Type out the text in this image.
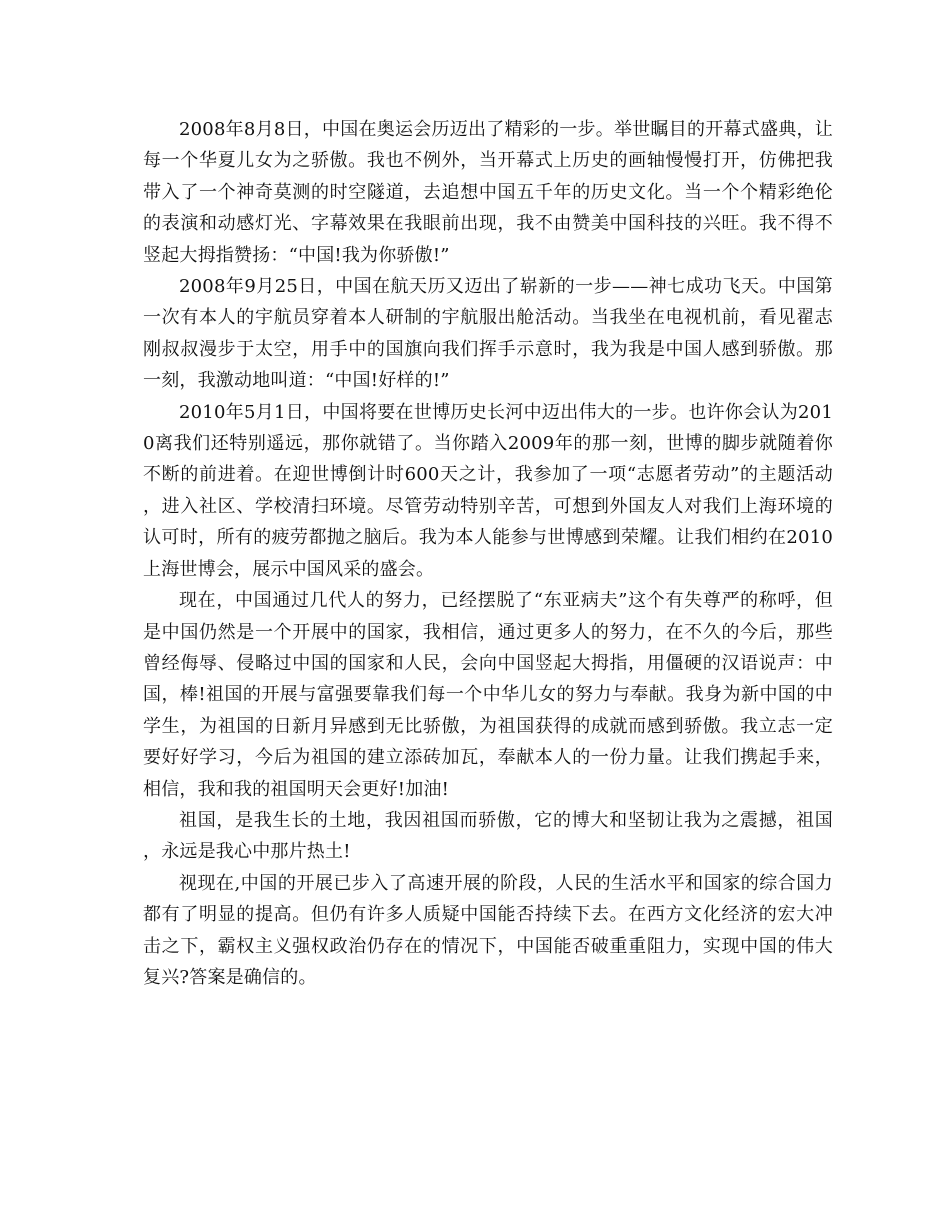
2008年8月8日，中国在奥运会历迈出了精彩的一步。举世瞩目的开幕式盛典，让每一个华夏儿女为之骄傲。我也不例外，当开幕式上历史的画轴慢慢打开，仿佛把我带入了一个神奇莫测的时空隧道，去追想中国五千年的历史文化。当一个个精彩绝伦的表演和动感灯光、字幕效果在我眼前出现，我不由赞美中国科技的兴旺。我不得不竖起大拇指赞扬：“中国!我为你骄傲!”

2008年9月25日，中国在航天历又迈出了崭新的一步——神七成功飞天。中国第一次有本人的宇航员穿着本人研制的宇航服出舱活动。当我坐在电视机前，看见翟志刚叔叔漫步于太空，用手中的国旗向我们挥手示意时，我为我是中国人感到骄傲。那一刻，我激动地叫道：“中国!好样的!”

2010年5月1日，中国将要在世博历史长河中迈出伟大的一步。也许你会认为2010离我们还特别遥远，那你就错了。当你踏入2009年的那一刻，世博的脚步就随着你不断的前进着。在迎世博倒计时600天之计，我参加了一项“志愿者劳动”的主题活动，进入社区、学校清扫环境。尽管劳动特别辛苦，可想到外国友人对我们上海环境的认可时，所有的疲劳都抛之脑后。我为本人能参与世博感到荣耀。让我们相约在2010上海世博会，展示中国风采的盛会。

现在，中国通过几代人的努力，已经摆脱了“东亚病夫”这个有失尊严的称呼，但是中国仍然是一个开展中的国家，我相信，通过更多人的努力，在不久的今后，那些曾经侮辱、侵略过中国的国家和人民，会向中国竖起大拇指，用僵硬的汉语说声：中国，棒!祖国的开展与富强要靠我们每一个中华儿女的努力与奉献。我身为新中国的中学生，为祖国的日新月异感到无比骄傲，为祖国获得的成就而感到骄傲。我立志一定要好好学习，今后为祖国的建立添砖加瓦，奉献本人的一份力量。让我们携起手来，相信，我和我的祖国明天会更好!加油!

祖国，是我生长的土地，我因祖国而骄傲，它的博大和坚韧让我为之震撼，祖国，永远是我心中那片热土!

视现在,中国的开展已步入了高速开展的阶段，人民的生活水平和国家的综合国力都有了明显的提高。但仍有许多人质疑中国能否持续下去。在西方文化经济的宏大冲击之下，霸权主义强权政治仍存在的情况下，中国能否破重重阻力，实现中国的伟大复兴?答案是确信的。
